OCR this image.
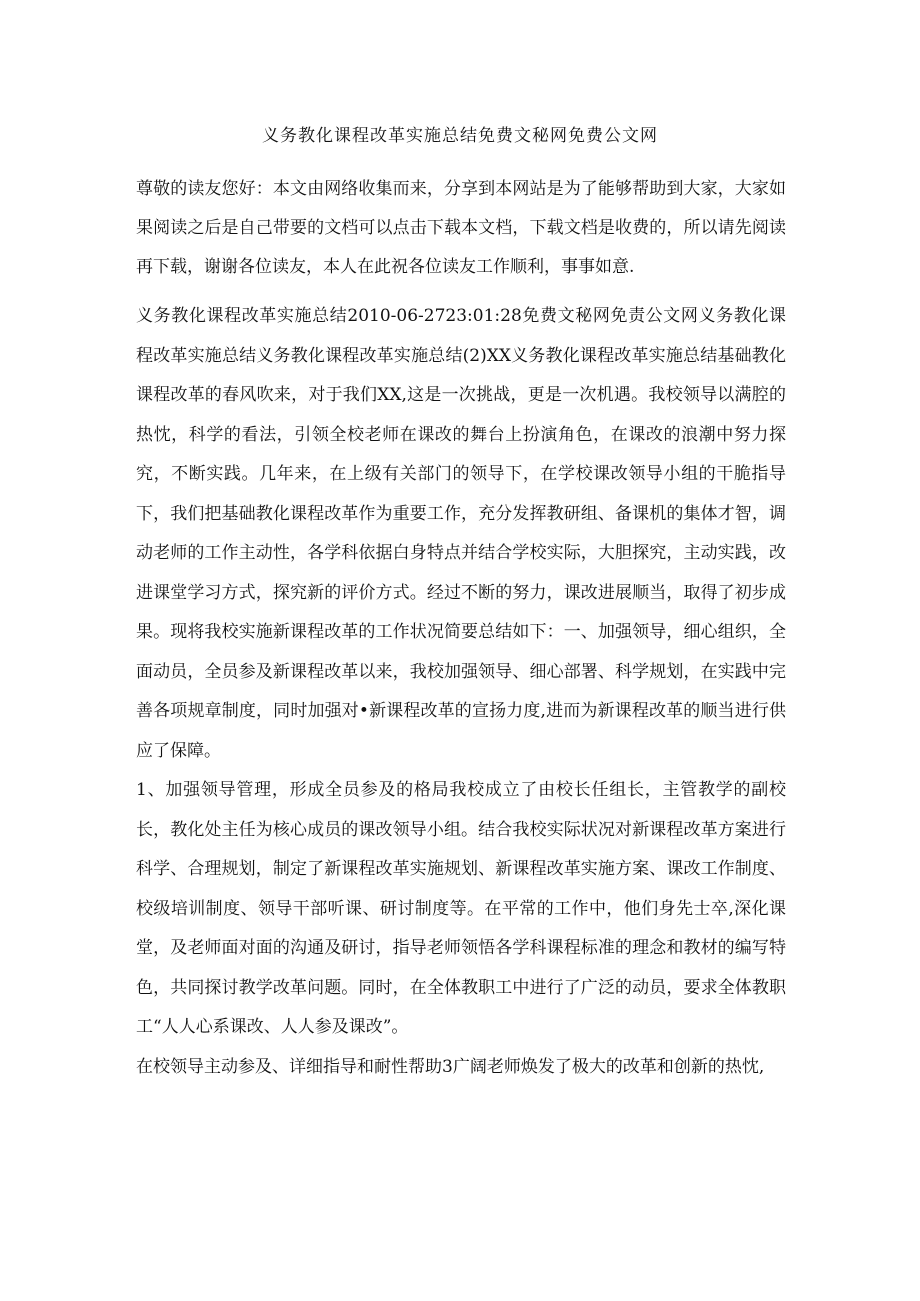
义务教化课程改革实施总结免费文秘网免费公文网
尊敬的读友您好：本文由网络收集而来，分享到本网站是为了能够帮助到大家，大家如果阅读之后是自己带要的文档可以点击下载本文档，下载文档是收费的，所以请先阅读再下载，谢谢各位读友，本人在此祝各位读友工作顺利，事事如意.

义务教化课程改革实施总结2010-06-2723:01:28免费文秘网免责公文网义务教化课程改革实施总结义务教化课程改革实施总结(2)XX义务教化课程改革实施总结基础教化课程改革的春风吹来，对于我们XX,这是一次挑战，更是一次机遇。我校领导以满腔的热忱，科学的看法，引领全校老师在课改的舞台上扮演角色，在课改的浪潮中努力探究，不断实践。几年来，在上级有关部门的领导下，在学校课改领导小组的干脆指导下，我们把基础教化课程改革作为重要工作，充分发挥教研组、备课机的集体才智，调动老师的工作主动性，各学科依据白身特点并结合学校实际，大胆探究，主动实践，改进课堂学习方式，探究新的评价方式。经过不断的努力，课改进展顺当，取得了初步成果。现将我校实施新课程改革的工作状况简要总结如下：一、加强领导，细心组织，全面动员，全员参及新课程改革以来，我校加强领导、细心部署、科学规划，在实践中完善各项规章制度，同时加强对•新课程改革的宣扬力度,进而为新课程改革的顺当进行供应了保障。

1、加强领导管理，形成全员参及的格局我校成立了由校长任组长，主管教学的副校长，教化处主任为核心成员的课改领导小组。结合我校实际状况对新课程改革方案进行科学、合理规划，制定了新课程改革实施规划、新课程改革实施方案、课改工作制度、校级培训制度、领导干部听课、研讨制度等。在平常的工作中，他们身先士卒,深化课堂，及老师面对面的沟通及研讨，指导老师领悟各学科课程标准的理念和教材的编写特色，共同探讨教学改革问题。同时，在全体教职工中进行了广泛的动员，要求全体教职工“人人心系课改、人人参及课改”。

在校领导主动参及、详细指导和耐性帮助3广阔老师焕发了极大的改革和创新的热忱,
